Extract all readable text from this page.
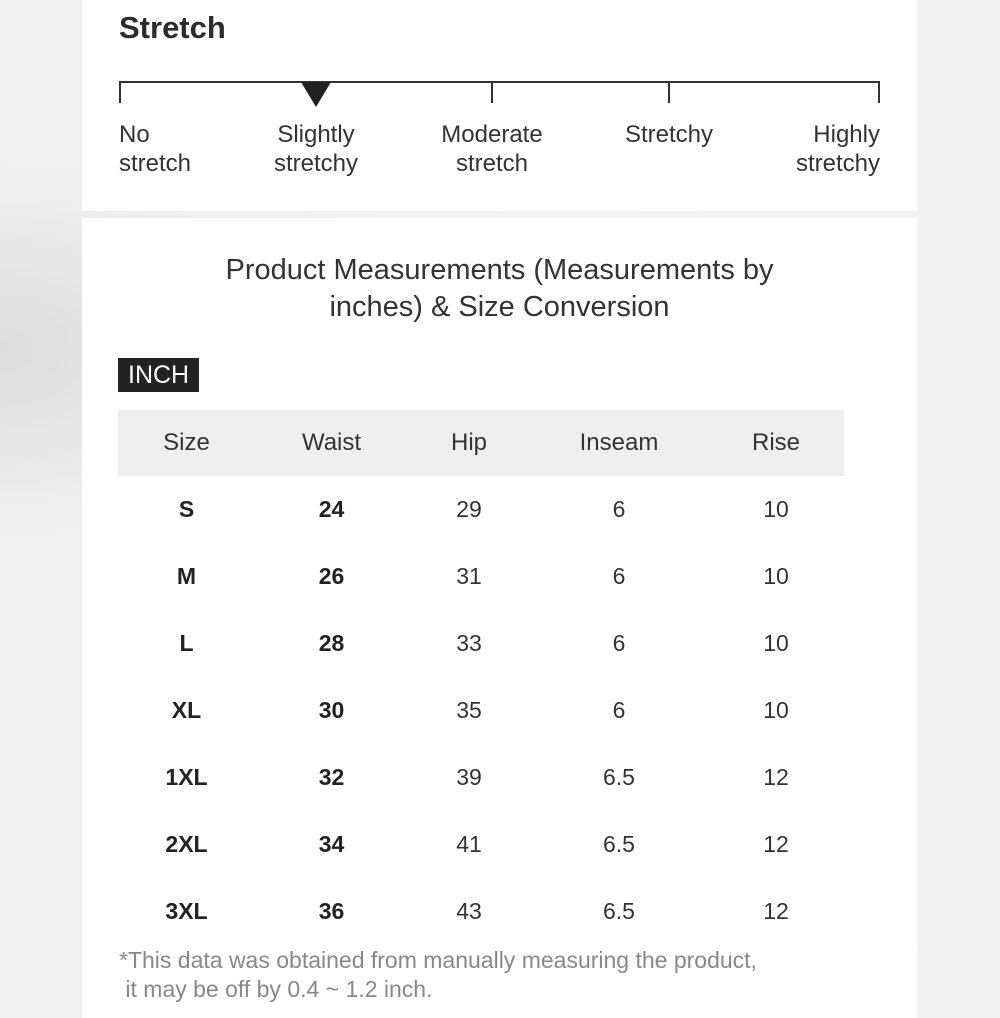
Stretch
No
stretch
Slightly
stretchy
Moderate
stretch
Stretchy	Highly
stretchy
Product Measurements (Measurements by
inches) & Size Conversion
INCH
Size	Waist	Hip	Inseam	Rise
S	24	29	6	10
M	26	31	6	10
L	28	33	6	10
XL	30	35	6	10
1XL	32	39	6.5	12
2XL	34	41	6.5	12
3XL	36	43	6.5	12
*This data was obtained from manually measuring the product,
it may be off by 0.4 ~ 1.2 inch.
